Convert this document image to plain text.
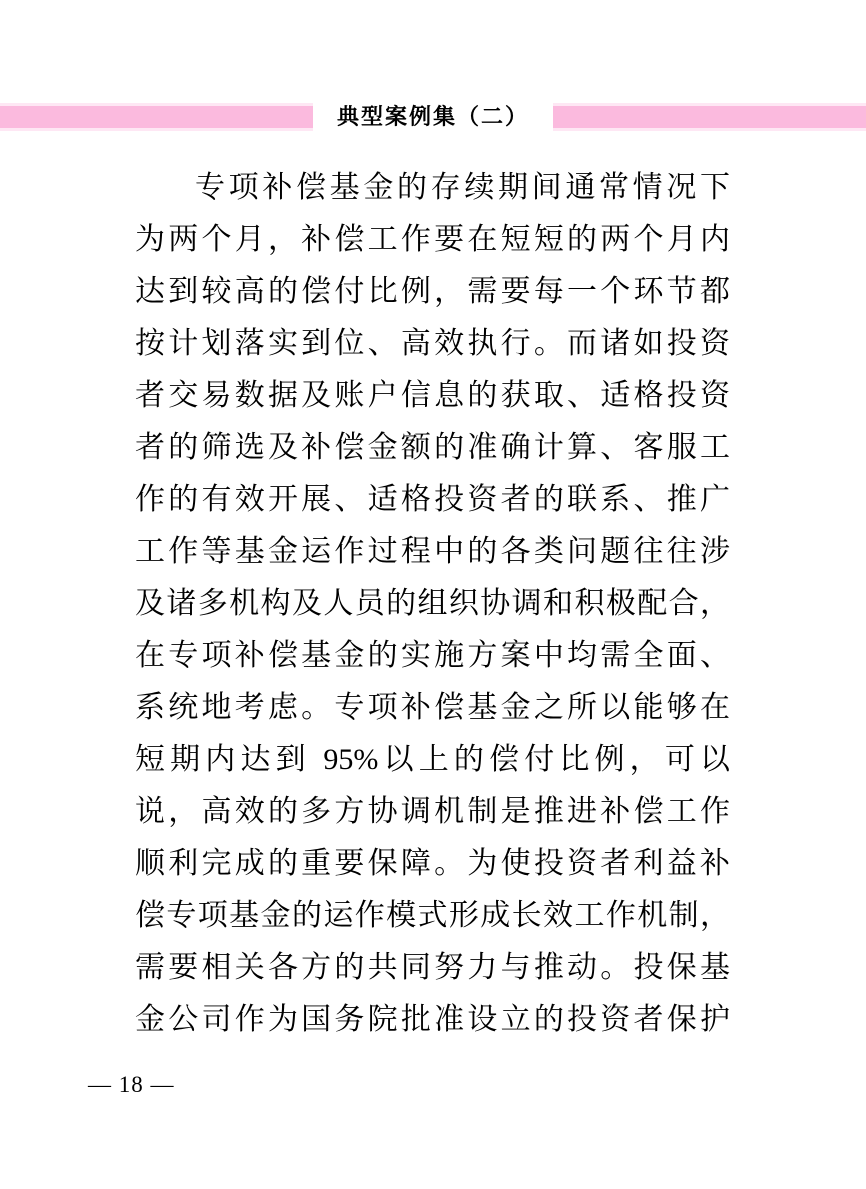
典型案例集（二）
专项补偿基金的存续期间通常情况下
为两个月，补偿工作要在短短的两个月内
达到较高的偿付比例，需要每一个环节都
按计划落实到位、高效执行。而诸如投资
者交易数据及账户信息的获取、适格投资
者的筛选及补偿金额的准确计算、客服工
作的有效开展、适格投资者的联系、推广
工作等基金运作过程中的各类问题往往涉
及诸多机构及人员的组织协调和积极配合，
在专项补偿基金的实施方案中均需全面、
系统地考虑。专项补偿基金之所以能够在
短期内达到 95%以上的偿付比例，可以
说，高效的多方协调机制是推进补偿工作
顺利完成的重要保障。为使投资者利益补
偿专项基金的运作模式形成长效工作机制，
需要相关各方的共同努力与推动。投保基
金公司作为国务院批准设立的投资者保护
— 18 —
